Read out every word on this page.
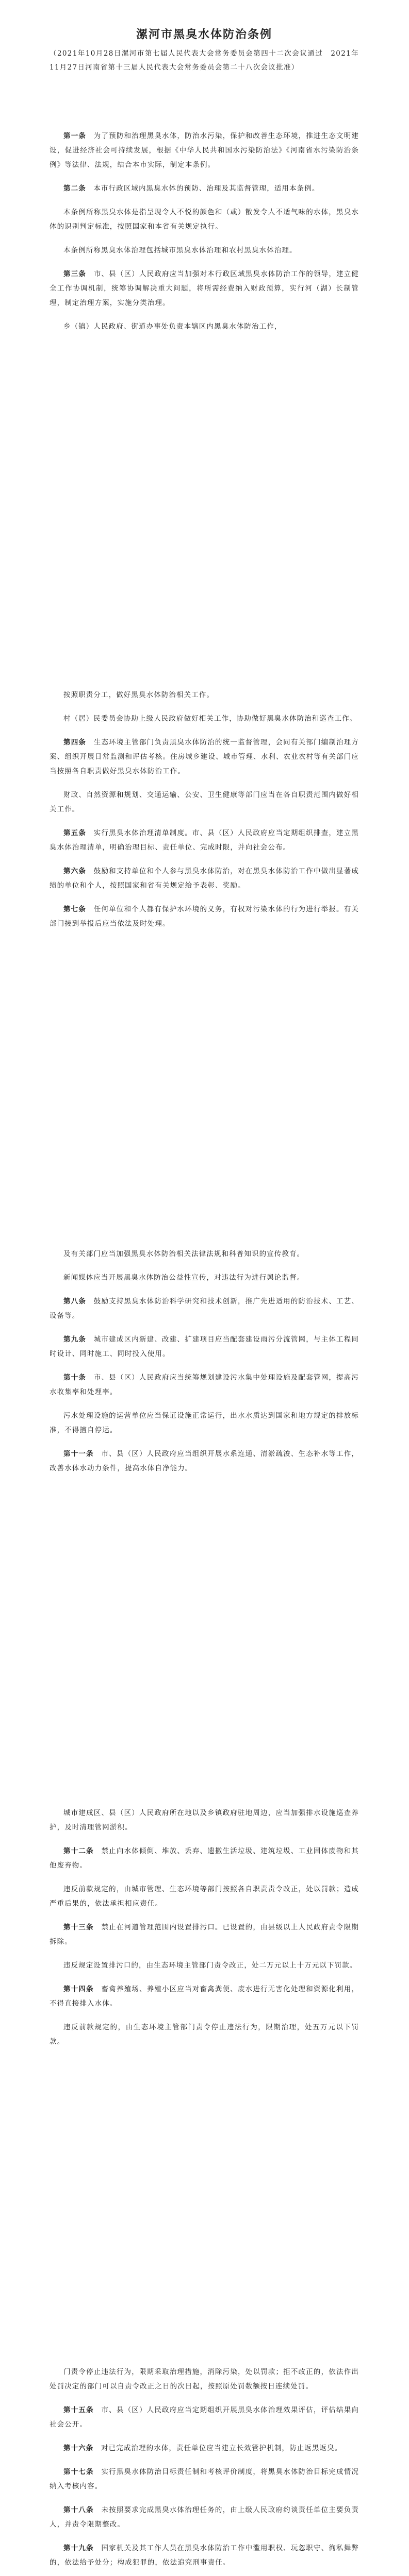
漯河市黑臭水体防治条例

（2021年10月28日漯河市第七届人民代表大会常务委员会第四十二次会议通过　2021年11月27日河南省第十三届人民代表大会常务委员会第二十八次会议批准）

第一条　 为了预防和治理黑臭水体，防治水污染，保护和改善生态环境，推进生态文明建设，促进经济社会可持续发展，根据《中华人民共和国水污染防治法》《河南省水污染防治条例》等法律、法规，结合本市实际，制定本条例。

第二条　 本市行政区域内黑臭水体的预防、治理及其监督管理，适用本条例。

本条例所称黑臭水体是指呈现令人不悦的颜色和（或）散发令人不适气味的水体，黑臭水体的识别判定标准，按照国家和本省有关规定执行。

本条例所称黑臭水体治理包括城市黑臭水体治理和农村黑臭水体治理。

第三条　 市、县（区）人民政府应当加强对本行政区域黑臭水体防治工作的领导，建立健全工作协调机制，统筹协调解决重大问题，将所需经费纳入财政预算，实行河（湖）长制管理，制定治理方案，实施分类治理。

乡（镇）人民政府、街道办事处负责本辖区内黑臭水体防治工作，

按照职责分工，做好黑臭水体防治相关工作。

村（居）民委员会协助上级人民政府做好相关工作，协助做好黑臭水体防治和巡查工作。

第四条　 生态环境主管部门负责黑臭水体防治的统一监督管理，会同有关部门编制治理方案、组织开展日常监测和评估考核。住房城乡建设、城市管理、水利、农业农村等有关部门应当按照各自职责做好黑臭水体防治工作。

财政、自然资源和规划、交通运输、公安、卫生健康等部门应当在各自职责范围内做好相关工作。

第五条　 实行黑臭水体治理清单制度。市、县（区）人民政府应当定期组织排查，建立黑臭水体治理清单，明确治理目标、责任单位、完成时限，并向社会公布。

第六条　 鼓励和支持单位和个人参与黑臭水体防治，对在黑臭水体防治工作中做出显著成绩的单位和个人，按照国家和省有关规定给予表彰、奖励。

第七条　 任何单位和个人都有保护水环境的义务，有权对污染水体的行为进行举报。有关部门接到举报后应当依法及时处理。

及有关部门应当加强黑臭水体防治相关法律法规和科普知识的宣传教育。

新闻媒体应当开展黑臭水体防治公益性宣传，对违法行为进行舆论监督。

第八条　 鼓励支持黑臭水体防治科学研究和技术创新，推广先进适用的防治技术、工艺、设备等。

第九条　 城市建成区内新建、改建、扩建项目应当配套建设雨污分流管网，与主体工程同时设计、同时施工、同时投入使用。

第十条　 市、县（区）人民政府应当统筹规划建设污水集中处理设施及配套管网，提高污水收集率和处理率。

污水处理设施的运营单位应当保证设施正常运行，出水水质达到国家和地方规定的排放标准，不得擅自停运。

第十一条　 市、县（区）人民政府应当组织开展水系连通、清淤疏浚、生态补水等工作，改善水体水动力条件，提高水体自净能力。

城市建成区、县（区）人民政府所在地以及乡镇政府驻地周边，应当加强排水设施巡查养护，及时清理管网淤积。

第十二条　 禁止向水体倾倒、堆放、丢弃、遗撒生活垃圾、建筑垃圾、工业固体废物和其他废弃物。

违反前款规定的，由城市管理、生态环境等部门按照各自职责责令改正，处以罚款；造成严重后果的，依法承担相应责任。

第十三条　 禁止在河道管理范围内设置排污口。已设置的，由县级以上人民政府责令限期拆除。

违反规定设置排污口的，由生态环境主管部门责令改正，处二万元以上十万元以下罚款。

第十四条　 畜禽养殖场、养殖小区应当对畜禽粪便、废水进行无害化处理和资源化利用，不得直接排入水体。

违反前款规定的，由生态环境主管部门责令停止违法行为，限期治理，处五万元以下罚款。

门责令停止违法行为，限期采取治理措施，消除污染，处以罚款；拒不改正的，依法作出处罚决定的部门可以自责令改正之日的次日起，按照原处罚数额按日连续处罚。

第十五条　 市、县（区）人民政府应当定期组织开展黑臭水体治理效果评估，评估结果向社会公开。

第十六条　 对已完成治理的水体，责任单位应当建立长效管护机制，防止返黑返臭。

第十七条　 实行黑臭水体防治目标责任制和考核评价制度，将黑臭水体防治目标完成情况纳入考核内容。

第十八条　 未按照要求完成黑臭水体治理任务的，由上级人民政府约谈责任单位主要负责人，并责令限期整改。

第十九条　 国家机关及其工作人员在黑臭水体防治工作中滥用职权、玩忽职守、徇私舞弊的，依法给予处分；构成犯罪的，依法追究刑事责任。
